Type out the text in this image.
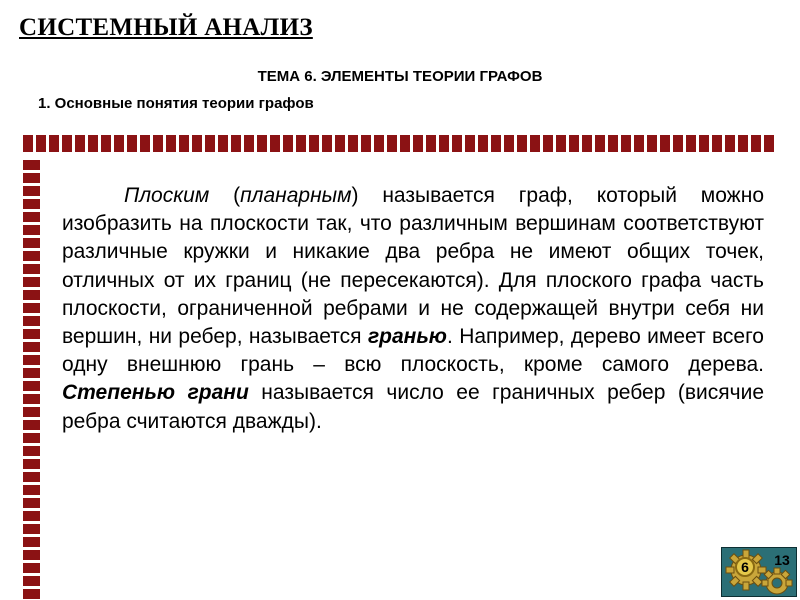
СИСТЕМНЫЙ АНАЛИЗ
ТЕМА 6. ЭЛЕМЕНТЫ ТЕОРИИ ГРАФОВ
1. Основные понятия теории графов
Плоским (планарным) называется граф, который можно изобразить на плоскости так, что различным вершинам соответствуют различные кружки и никакие два ребра не имеют общих точек, отличных от их границ (не пересекаются). Для плоского графа часть плоскости, ограниченной ребрами и не содержащей внутри себя ни вершин, ни ребер, называется гранью. Например, дерево имеет всего одну внешнюю грань – всю плоскость, кроме самого дерева. Степенью грани называется число ее граничных ребер (висячие ребра считаются дважды).
6	13
